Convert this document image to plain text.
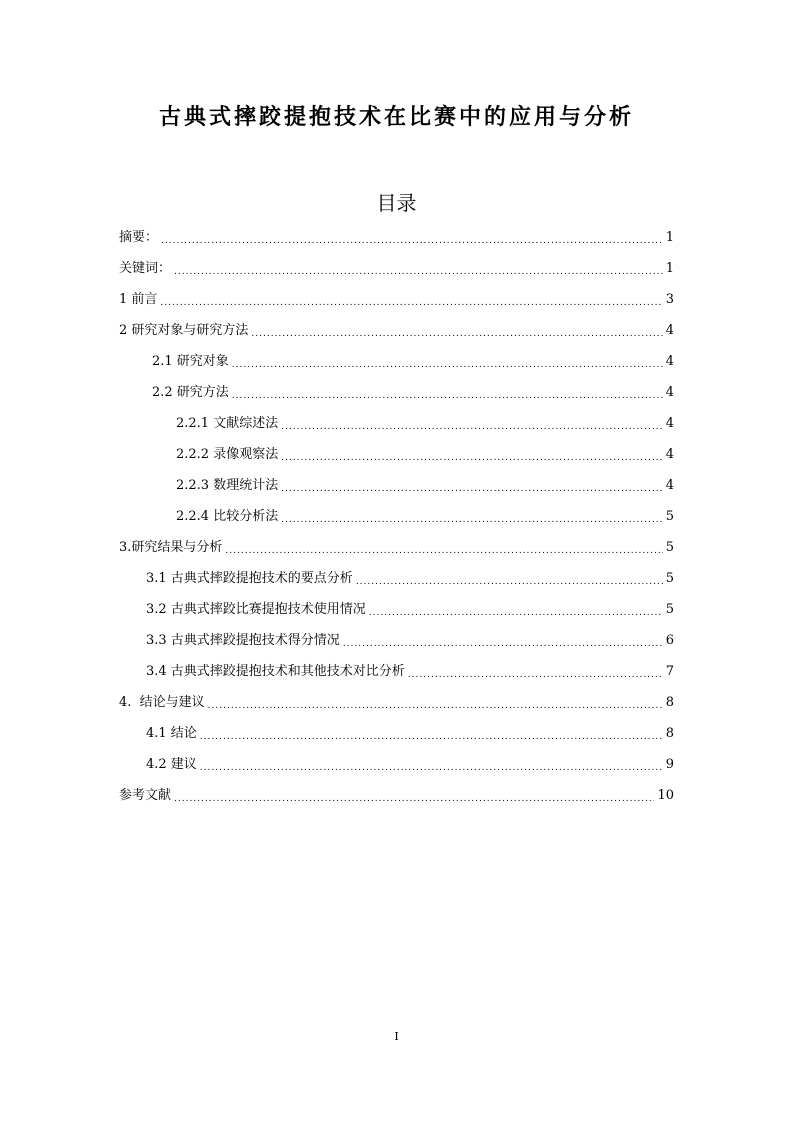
古典式摔跤提抱技术在比赛中的应用与分析
目录
摘要： .....	1
关键词： .....	1
1 前言 .....	3
2 研究对象与研究方法 .....	4
2.1 研究对象 .....	4
2.2 研究方法 .....	4
2.2.1 文献综述法 .....	4
2.2.2 录像观察法 .....	4
2.2.3 数理统计法 .....	4
2.2.4 比较分析法 .....	5
3.研究结果与分析 .....	5
3.1 古典式摔跤提抱技术的要点分析 .....	5
3.2 古典式摔跤比赛提抱技术使用情况 .....	5
3.3 古典式摔跤提抱技术得分情况 .....	6
3.4 古典式摔跤提抱技术和其他技术对比分析 .....	7
4.  结论与建议 .....	8
4.1 结论 .....	8
4.2 建议 .....	9
参考文献 .....	10
I
